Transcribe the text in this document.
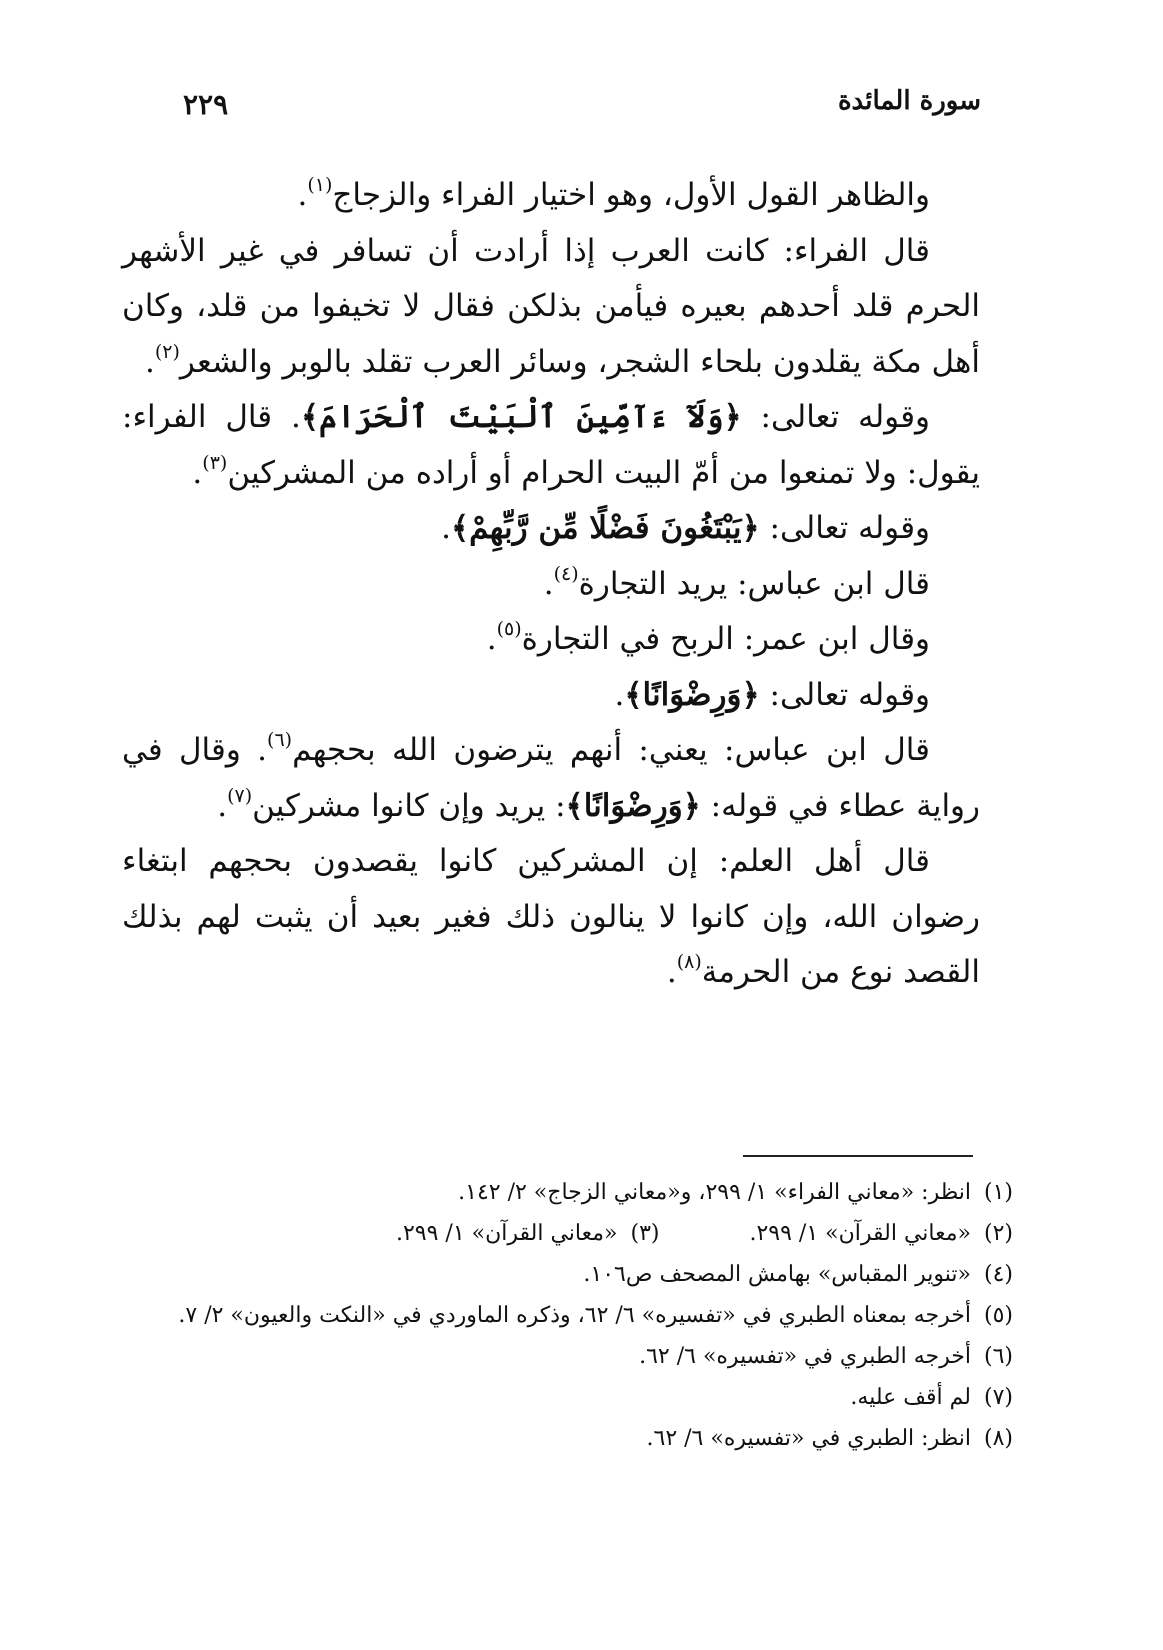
سورة المائدة
٢٢٩

والظاهر القول الأول، وهو اختيار الفراء والزجاج$^{(١)}$.

قال الفراء: كانت العرب إذا أرادت أن تسافر في غير الأشهر الحرم قلد أحدهم بعيره فيأمن بذلكن فقال لا تخيفوا من قلد، وكان أهل مكة يقلدون بلحاء الشجر، وسائر العرب تقلد بالوبر والشعر$^{(٢)}$.

وقوله تعالى: ﴿وَلَآ ءَآمِّينَ ٱلْبَيْتَ ٱلْحَرَامَ﴾. قال الفراء: يقول: ولا تمنعوا من أمّ البيت الحرام أو أراده من المشركين$^{(٣)}$.

وقوله تعالى: ﴿يَبْتَغُونَ فَضْلًا مِّن رَّبِّهِمْ﴾.

قال ابن عباس: يريد التجارة$^{(٤)}$.

وقال ابن عمر: الربح في التجارة$^{(٥)}$.

وقوله تعالى: ﴿وَرِضْوَانًا﴾.

قال ابن عباس: يعني: أنهم يترضون الله بحجهم$^{(٦)}$. وقال في رواية عطاء في قوله: ﴿وَرِضْوَانًا﴾: يريد وإن كانوا مشركين$^{(٧)}$.

قال أهل العلم: إن المشركين كانوا يقصدون بحجهم ابتغاء رضوان الله، وإن كانوا لا ينالون ذلك فغير بعيد أن يثبت لهم بذلك القصد نوع من الحرمة$^{(٨)}$.

(١)
انظر: «معاني الفراء» ١/ ٢٩٩، و«معاني الزجاج» ٢/ ١٤٢.
(٢)
«معاني القرآن» ١/ ٢٩٩.
(٣)
«معاني القرآن» ١/ ٢٩٩.
(٤)
«تنوير المقباس» بهامش المصحف ص١٠٦.
(٥)
أخرجه بمعناه الطبري في «تفسيره» ٦/ ٦٢، وذكره الماوردي في «النكت والعيون» ٢/ ٧.
(٦)
أخرجه الطبري في «تفسيره» ٦/ ٦٢.
(٧)
لم أقف عليه.
(٨)
انظر: الطبري في «تفسيره» ٦/ ٦٢.
